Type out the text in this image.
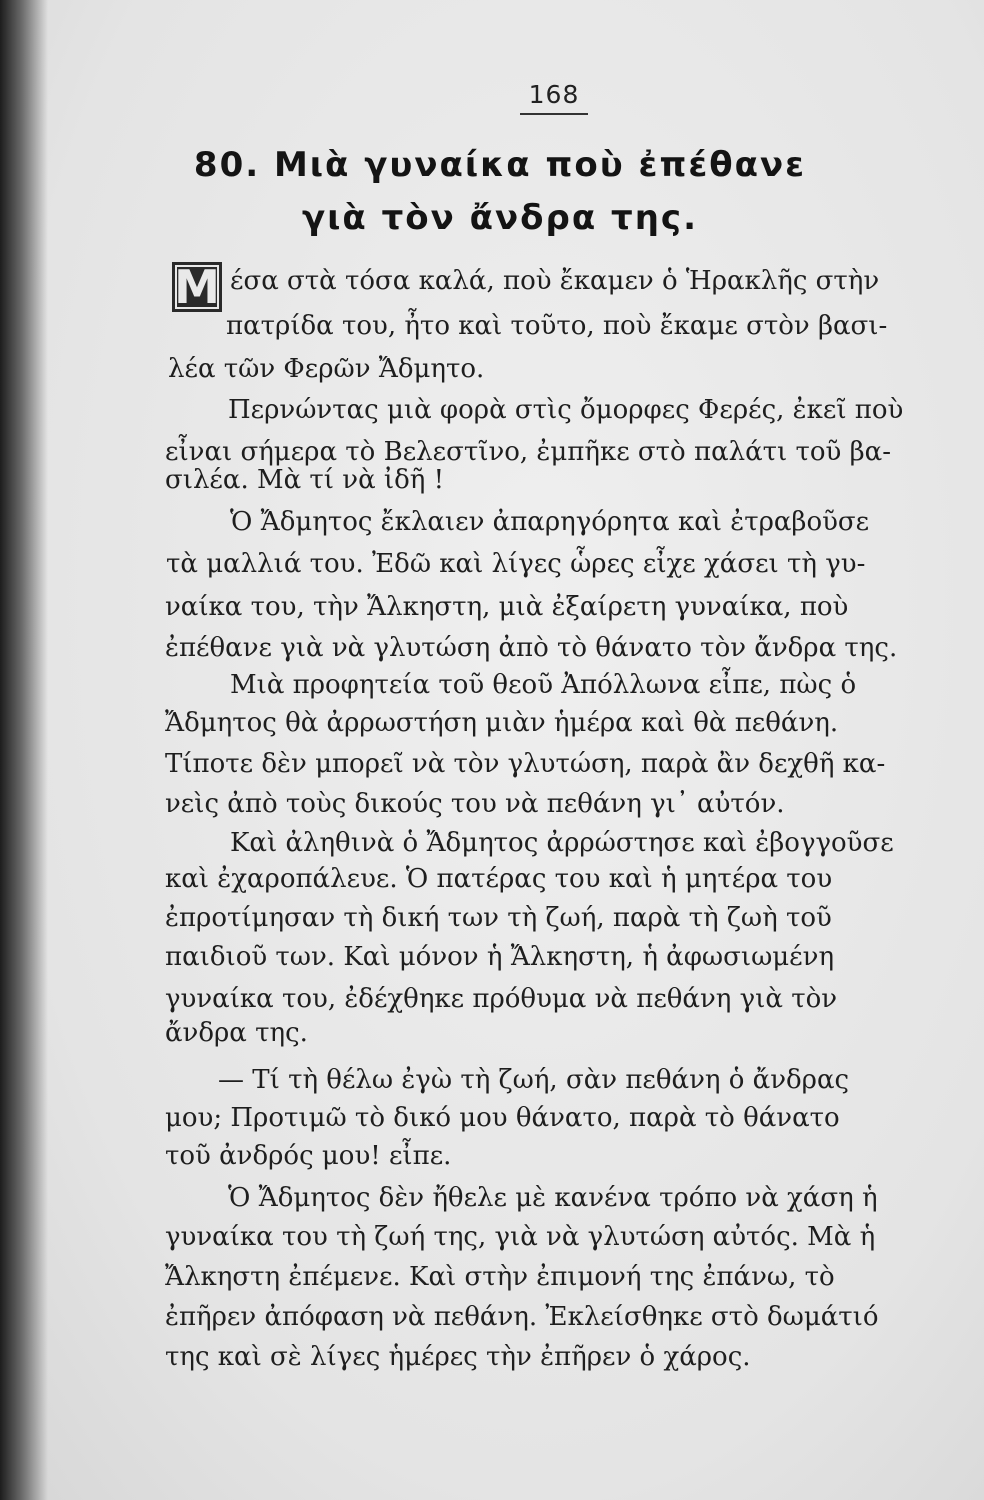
168
80. Μιὰ γυναίκα ποὺ ἐπέθανε
γιὰ τὸν ἄνδρα της.
Μ έσα στὰ τόσα καλά, ποὺ ἔκαμεν ὁ Ἡρακλῆς στὴν
πατρίδα του, ἦτο καὶ τοῦτο, ποὺ ἔκαμε στὸν βασι-
λέα τῶν Φερῶν Ἄδμητο.
Περνώντας μιὰ φορὰ στὶς ὄμορφες Φερές, ἐκεῖ ποὺ
εἶναι σήμερα τὸ Βελεστῖνο, ἐμπῆκε στὸ παλάτι τοῦ βα-
σιλέα. Μὰ τί νὰ ἰδῆ !
Ὁ Ἄδμητος ἔκλαιεν ἀπαρηγόρητα καὶ ἐτραβοῦσε
τὰ μαλλιά του. Ἐδῶ καὶ λίγες ὧρες εἶχε χάσει τὴ γυ-
ναίκα του, τὴν Ἄλκηστη, μιὰ ἐξαίρετη γυναίκα, ποὺ
ἐπέθανε γιὰ νὰ γλυτώση ἀπὸ τὸ θάνατο τὸν ἄνδρα της.
Μιὰ προφητεία τοῦ θεοῦ Ἀπόλλωνα εἶπε, πὼς ὁ
Ἄδμητος θὰ ἀρρωστήση μιὰν ἡμέρα καὶ θὰ πεθάνη.
Τίποτε δὲν μπορεῖ νὰ τὸν γλυτώση, παρὰ ἂν δεχθῆ κα-
νεὶς ἀπὸ τοὺς δικούς του νὰ πεθάνη γι᾽ αὐτόν.
Καὶ ἀληθινὰ ὁ Ἄδμητος ἀρρώστησε καὶ ἐβογγοῦσε
καὶ ἐχαροπάλευε. Ὁ πατέρας του καὶ ἡ μητέρα του
ἐπροτίμησαν τὴ δική των τὴ ζωή, παρὰ τὴ ζωὴ τοῦ
παιδιοῦ των. Καὶ μόνον ἡ Ἄλκηστη, ἡ ἀφωσιωμένη
γυναίκα του, ἐδέχθηκε πρόθυμα νὰ πεθάνη γιὰ τὸν
ἄνδρα της.
— Τί τὴ θέλω ἐγὼ τὴ ζωή, σὰν πεθάνη ὁ ἄνδρας
μου; Προτιμῶ τὸ δικό μου θάνατο, παρὰ τὸ θάνατο
τοῦ ἀνδρός μου! εἶπε.
Ὁ Ἄδμητος δὲν ἤθελε μὲ κανένα τρόπο νὰ χάση ἡ
γυναίκα του τὴ ζωή της, γιὰ νὰ γλυτώση αὐτός. Μὰ ἡ
Ἄλκηστη ἐπέμενε. Καὶ στὴν ἐπιμονή της ἐπάνω, τὸ
ἐπῆρεν ἀπόφαση νὰ πεθάνη. Ἐκλείσθηκε στὸ δωμάτιό
της καὶ σὲ λίγες ἡμέρες τὴν ἐπῆρεν ὁ χάρος.
